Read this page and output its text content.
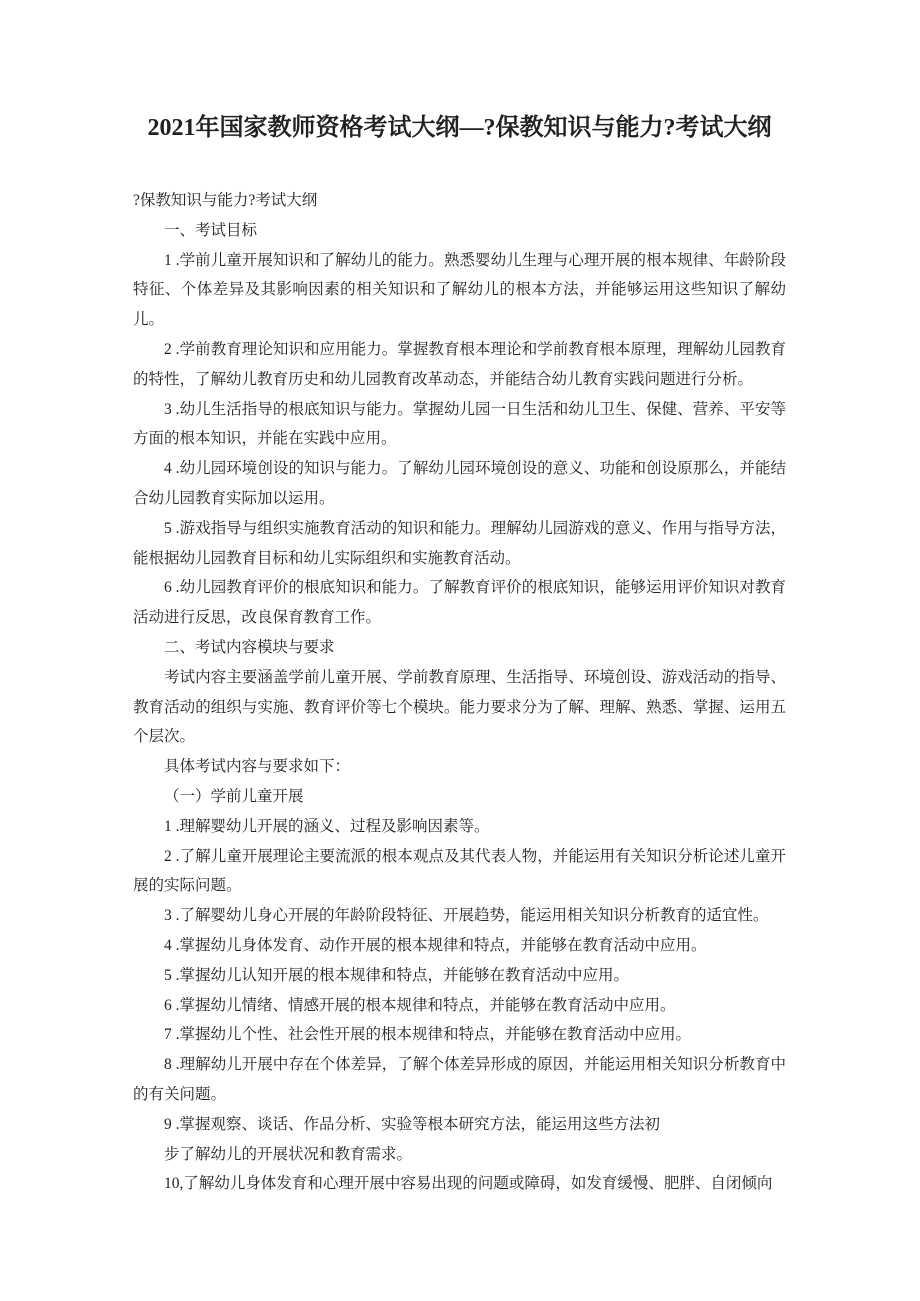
2021年国家教师资格考试大纲—?保教知识与能力?考试大纲

?保教知识与能力?考试大纲

一、考试目标

1 .学前儿童开展知识和了解幼儿的能力。熟悉婴幼儿生理与心理开展的根本规律、年龄阶段特征、个体差异及其影响因素的相关知识和了解幼儿的根本方法，并能够运用这些知识了解幼儿。

2 .学前教育理论知识和应用能力。掌握教育根本理论和学前教育根本原理，理解幼儿园教育的特性，了解幼儿教育历史和幼儿园教育改革动态，并能结合幼儿教育实践问题进行分析。

3 .幼儿生活指导的根底知识与能力。掌握幼儿园一日生活和幼儿卫生、保健、营养、平安等方面的根本知识，并能在实践中应用。

4 .幼儿园环境创设的知识与能力。了解幼儿园环境创设的意义、功能和创设原那么，并能结合幼儿园教育实际加以运用。

5 .游戏指导与组织实施教育活动的知识和能力。理解幼儿园游戏的意义、作用与指导方法，能根据幼儿园教育目标和幼儿实际组织和实施教育活动。

6 .幼儿园教育评价的根底知识和能力。了解教育评价的根底知识，能够运用评价知识对教育活动进行反思，改良保育教育工作。

二、考试内容模块与要求

考试内容主要涵盖学前儿童开展、学前教育原理、生活指导、环境创设、游戏活动的指导、教育活动的组织与实施、教育评价等七个模块。能力要求分为了解、理解、熟悉、掌握、运用五个层次。

具体考试内容与要求如下：

（一）学前儿童开展

1 .理解婴幼儿开展的涵义、过程及影响因素等。

2 .了解儿童开展理论主要流派的根本观点及其代表人物，并能运用有关知识分析论述儿童开展的实际问题。

3 .了解婴幼儿身心开展的年龄阶段特征、开展趋势，能运用相关知识分析教育的适宜性。

4 .掌握幼儿身体发育、动作开展的根本规律和特点，并能够在教育活动中应用。

5 .掌握幼儿认知开展的根本规律和特点，并能够在教育活动中应用。

6 .掌握幼儿情绪、情感开展的根本规律和特点，并能够在教育活动中应用。

7 .掌握幼儿个性、社会性开展的根本规律和特点，并能够在教育活动中应用。

8 .理解幼儿开展中存在个体差异，了解个体差异形成的原因，并能运用相关知识分析教育中的有关问题。

9 .掌握观察、谈话、作品分析、实验等根本研究方法，能运用这些方法初

步了解幼儿的开展状况和教育需求。

10,了解幼儿身体发育和心理开展中容易出现的问题或障碍，如发育缓慢、肥胖、自闭倾向
